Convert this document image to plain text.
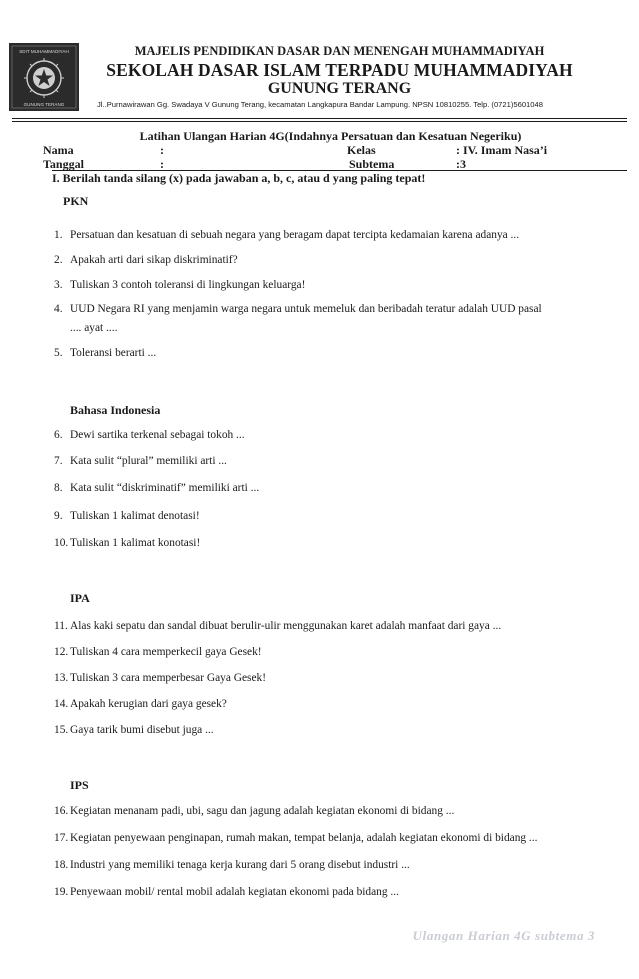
SDIT MUHAMMADIYAH
GUNUNG TERANG
MAJELIS PENDIDIKAN DASAR DAN MENENGAH MUHAMMADIYAH
SEKOLAH DASAR ISLAM TERPADU MUHAMMADIYAH
GUNUNG TERANG
Jl..Purnawirawan Gg. Swadaya V Gunung Terang, kecamatan Langkapura Bandar Lampung. NPSN 10810255. Telp. (0721)5601048
Latihan Ulangan Harian 4G(Indahnya Persatuan dan Kesatuan Negeriku)
Nama	:	Kelas	: IV. Imam Nasa’i
Tanggal	:	Subtema	:3
I. Berilah tanda silang (x) pada jawaban a, b, c, atau d yang paling tepat!
PKN
1. Persatuan dan kesatuan di sebuah negara yang beragam dapat tercipta kedamaian karena adanya ...
2. Apakah arti dari sikap diskriminatif?
3. Tuliskan 3 contoh toleransi di lingkungan keluarga!
4. UUD Negara RI yang menjamin warga negara untuk memeluk dan beribadah teratur adalah UUD pasal
.... ayat ....
5. Toleransi berarti ...
Bahasa Indonesia
6. Dewi sartika terkenal sebagai tokoh ...
7. Kata sulit “plural” memiliki arti ...
8. Kata sulit “diskriminatif” memiliki arti ...
9. Tuliskan 1 kalimat denotasi!
10. Tuliskan 1 kalimat konotasi!
IPA
11. Alas kaki sepatu dan sandal dibuat berulir-ulir menggunakan karet adalah manfaat dari gaya ...
12. Tuliskan 4 cara memperkecil gaya Gesek!
13. Tuliskan 3 cara memperbesar Gaya Gesek!
14. Apakah kerugian dari gaya gesek?
15. Gaya tarik bumi disebut juga ...
IPS
16. Kegiatan menanam padi, ubi, sagu dan jagung adalah kegiatan ekonomi di bidang ...
17. Kegiatan penyewaan penginapan, rumah makan, tempat belanja, adalah kegiatan ekonomi di bidang ...
18. Industri yang memiliki tenaga kerja kurang dari 5 orang disebut industri ...
19. Penyewaan mobil/ rental mobil adalah kegiatan ekonomi pada bidang ...
Ulangan Harian 4G subtema 3
